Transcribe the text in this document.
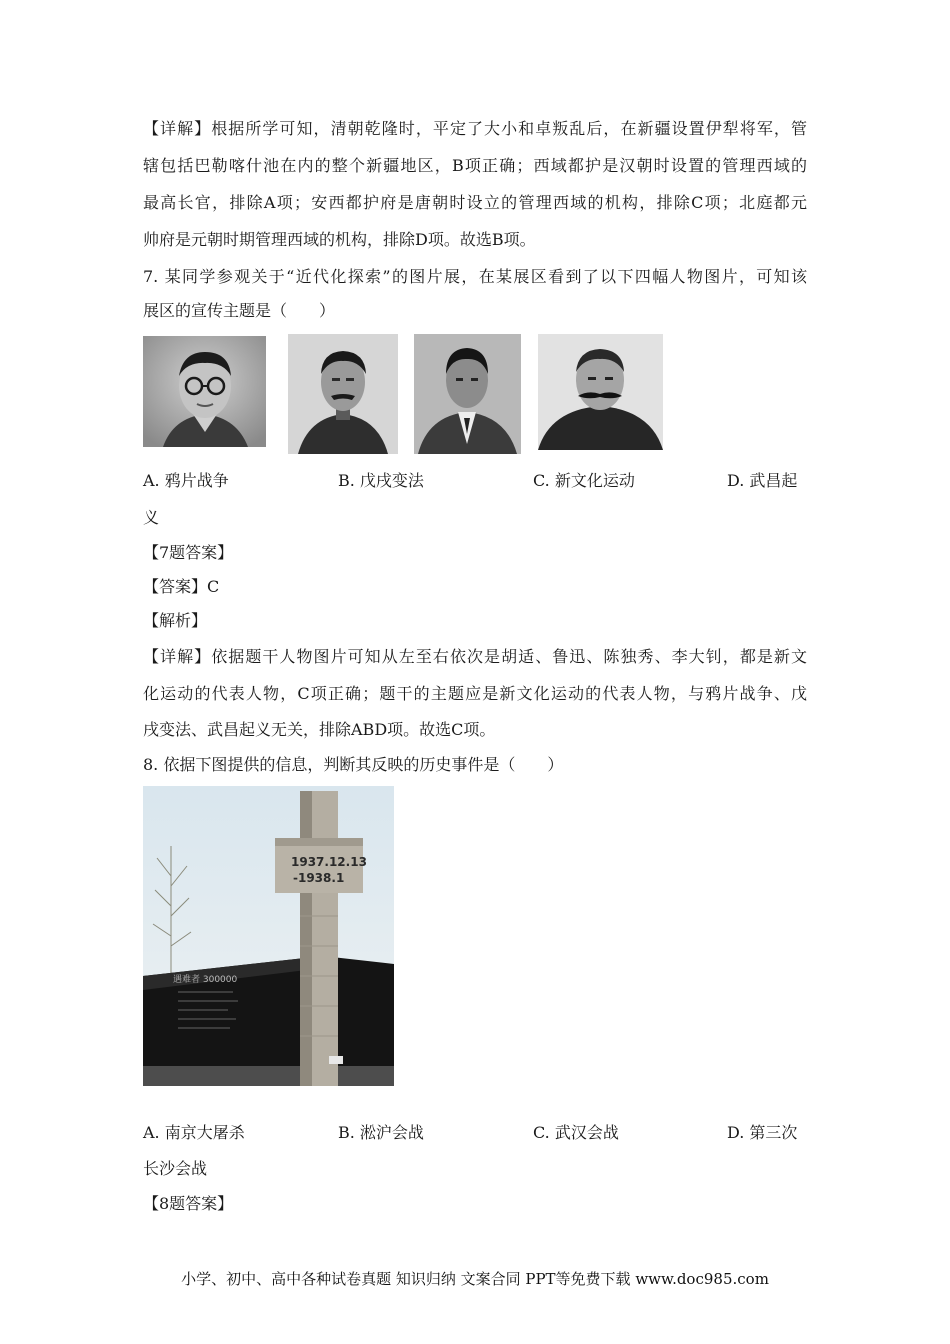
【详解】根据所学可知，清朝乾隆时，平定了大小和卓叛乱后，在新疆设置伊犁将军，管
辖包括巴勒喀什池在内的整个新疆地区，B项正确；西域都护是汉朝时设置的管理西域的
最高长官，排除A项；安西都护府是唐朝时设立的管理西域的机构，排除C项；北庭都元
帅府是元朝时期管理西域的机构，排除D项。故选B项。
7. 某同学参观关于“近代化探索”的图片展，在某展区看到了以下四幅人物图片，可知该
展区的宣传主题是（　　）
A. 鸦片战争	B. 戊戌变法	C. 新文化运动	D. 武昌起
义
【7题答案】
【答案】C
【解析】
【详解】依据题干人物图片可知从左至右依次是胡适、鲁迅、陈独秀、李大钊，都是新文
化运动的代表人物，C项正确；题干的主题应是新文化运动的代表人物，与鸦片战争、戊
戌变法、武昌起义无关，排除ABD项。故选C项。
8. 依据下图提供的信息，判断其反映的历史事件是（　　）
遇难者 300000
1937.12.13
-1938.1
A. 南京大屠杀	B. 淞沪会战	C. 武汉会战	D. 第三次
长沙会战
【8题答案】
小学、初中、高中各种试卷真题 知识归纳 文案合同 PPT等免费下载 www.doc985.com
